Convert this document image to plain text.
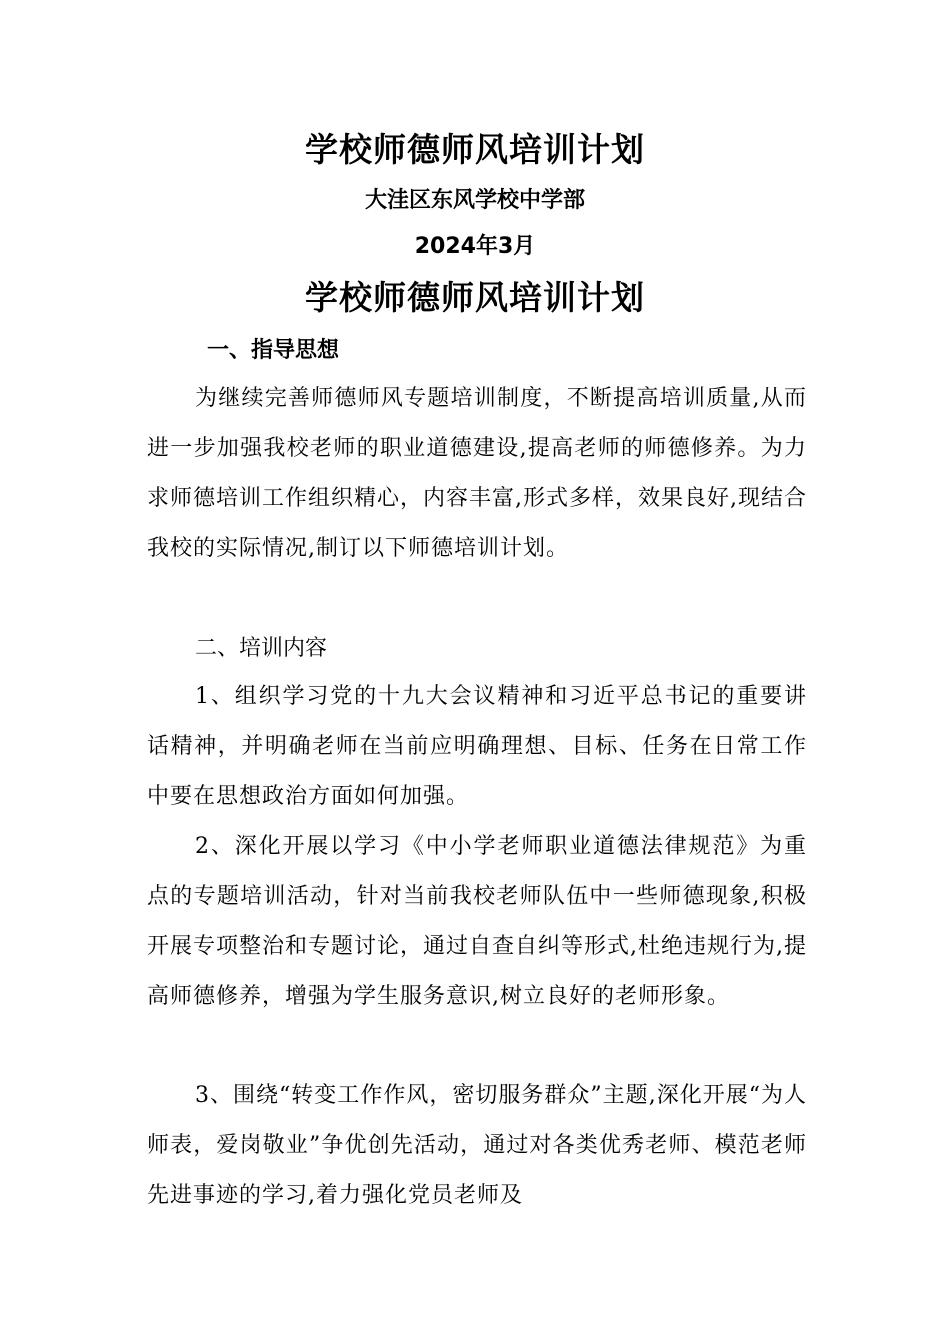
学校师德师风培训计划
大洼区东风学校中学部
2024年3月
学校师德师风培训计划
一、指导思想
为继续完善师德师风专题培训制度，不断提高培训质量,从而进一步加强我校老师的职业道德建设,提高老师的师德修养。为力求师德培训工作组织精心，内容丰富,形式多样，效果良好,现结合我校的实际情况,制订以下师德培训计划。
二、培训内容
1、组织学习党的十九大会议精神和习近平总书记的重要讲话精神，并明确老师在当前应明确理想、目标、任务在日常工作中要在思想政治方面如何加强。
2、深化开展以学习《中小学老师职业道德法律规范》为重点的专题培训活动，针对当前我校老师队伍中一些师德现象,积极开展专项整治和专题讨论，通过自查自纠等形式,杜绝违规行为,提高师德修养，增强为学生服务意识,树立良好的老师形象。
3、围绕“转变工作作风，密切服务群众”主题,深化开展“为人师表，爱岗敬业”争优创先活动，通过对各类优秀老师、模范老师先进事迹的学习,着力强化党员老师及
